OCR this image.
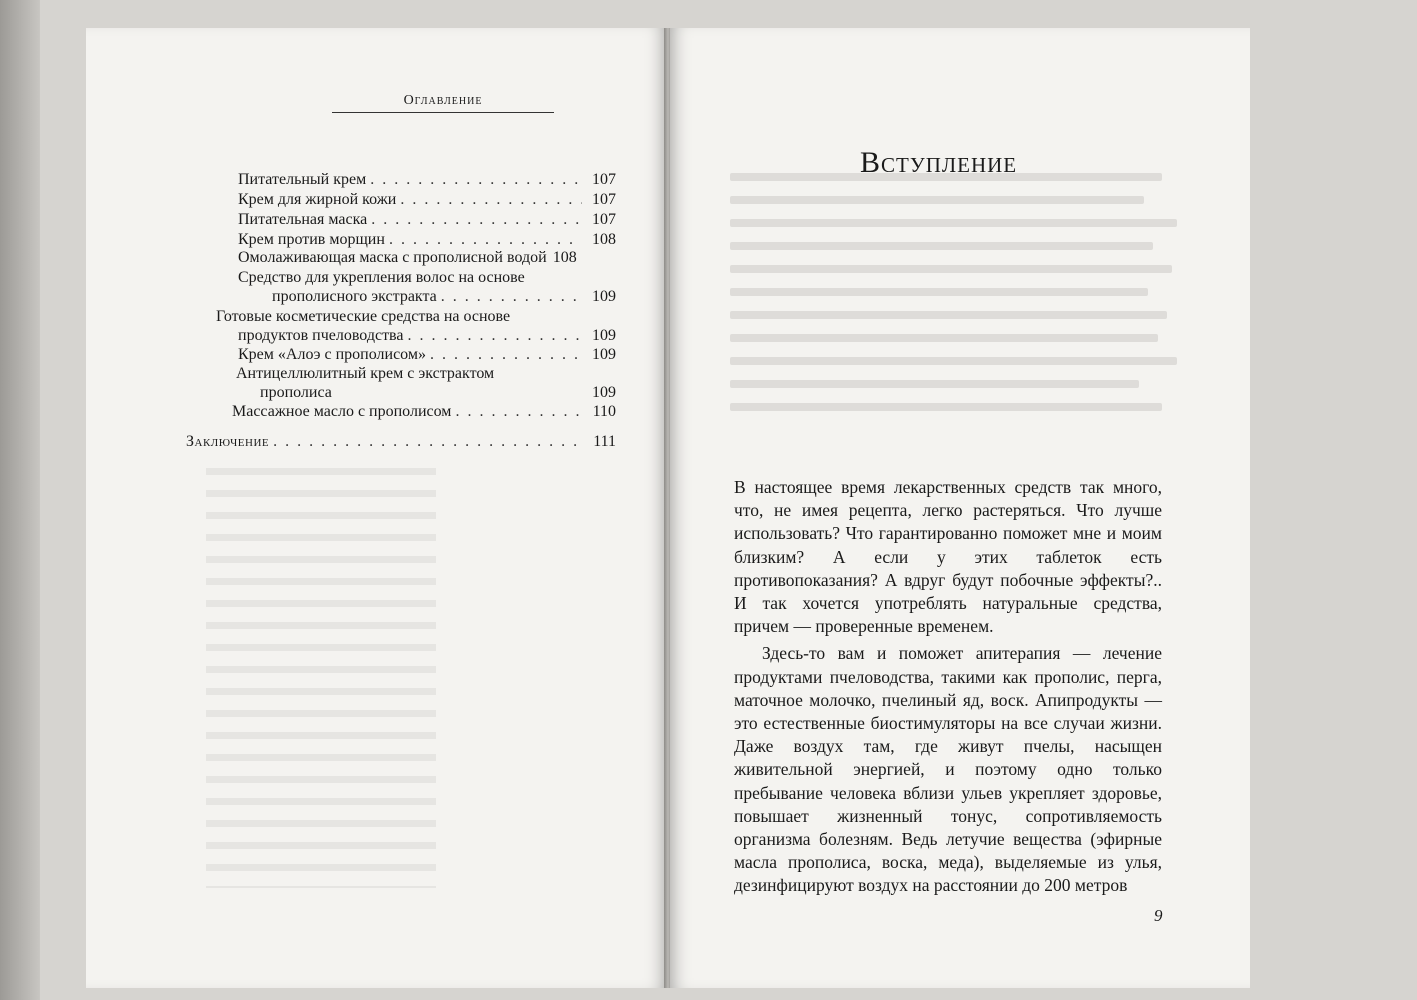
Оглавление
Питательный крем . . .	107
Крем для жирной кожи . . .	107
Питательная маска . . .	107
Крем против морщин . . .	108
Омолаживающая маска с прополисной водой 108
Средство для укрепления волос на основе
прополисного экстракта . . .	109
Готовые косметические средства на основе
продуктов пчеловодства . . .	109
Крем «Алоэ с прополисом» . . .	109
Антицеллюлитный крем с экстрактом
прополиса	109
Массажное масло с прополисом . . .	110
Заключение . . .	111
Вступление

В настоящее время лекарственных средств так много, что, не имея рецепта, легко растеряться. Что лучше использовать? Что гарантированно поможет мне и моим близким? А если у этих таблеток есть противопоказания? А вдруг будут побочные эффекты?.. И так хочется употреблять натуральные средства, причем — проверенные временем.

Здесь-то вам и поможет апитерапия — лечение продуктами пчеловодства, такими как прополис, перга, маточное молочко, пчелиный яд, воск. Апипродукты — это естественные биостимуляторы на все случаи жизни. Даже воздух там, где живут пчелы, насыщен живительной энергией, и поэтому одно только пребывание человека вблизи ульев укрепляет здоровье, повышает жизненный тонус, сопротивляемость организма болезням. Ведь летучие вещества (эфирные масла прополиса, воска, меда), выделяемые из улья, дезинфицируют воздух на расстоянии до 200 метров

9
